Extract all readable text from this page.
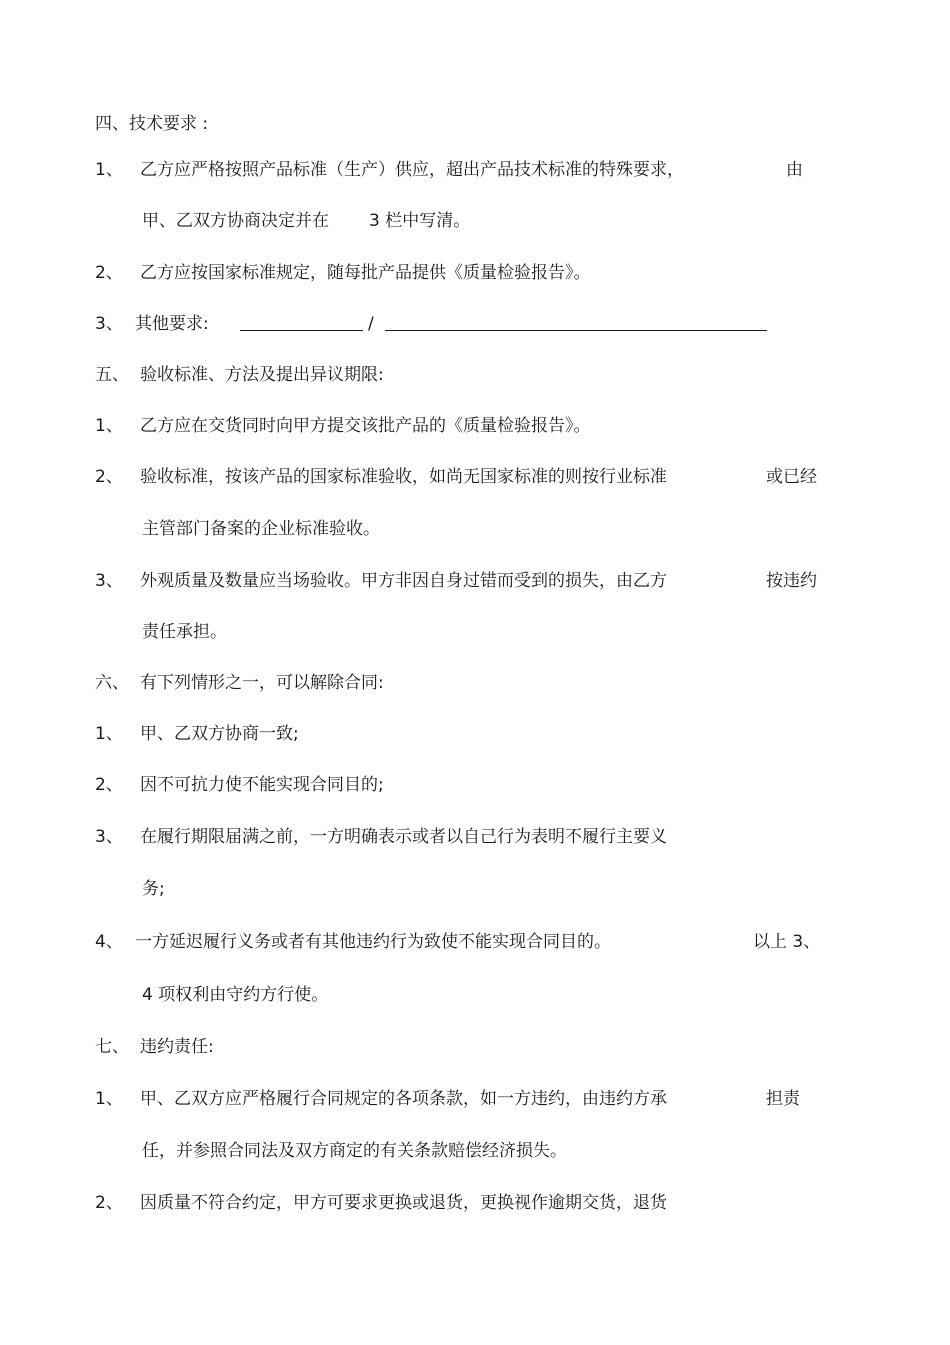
四、技术要求 :
1、 乙方应严格按照产品标准（生产）供应，超出产品技术标准的特殊要求，	由
甲、乙双方协商决定并在 3 栏中写清。
2、 乙方应按国家标准规定，随每批产品提供《质量检验报告》。
3、 其他要求:	/
五、 验收标准、方法及提出异议期限:
1、 乙方应在交货同时向甲方提交该批产品的《质量检验报告》。
2、 验收标准，按该产品的国家标准验收，如尚无国家标准的则按行业标准	或已经
主管部门备案的企业标准验收。
3、 外观质量及数量应当场验收。甲方非因自身过错而受到的损失，由乙方	按违约
责任承担。
六、 有下列情形之一，可以解除合同:
1、 甲、乙双方协商一致;
2、 因不可抗力使不能实现合同目的;
3、 在履行期限届满之前，一方明确表示或者以自己行为表明不履行主要义
务;
4、 一方延迟履行义务或者有其他违约行为致使不能实现合同目的。	以上 3、
4 项权利由守约方行使。
七、 违约责任:
1、 甲、乙双方应严格履行合同规定的各项条款，如一方违约，由违约方承	担责
任，并参照合同法及双方商定的有关条款赔偿经济损失。
2、 因质量不符合约定，甲方可要求更换或退货，更换视作逾期交货，退货
